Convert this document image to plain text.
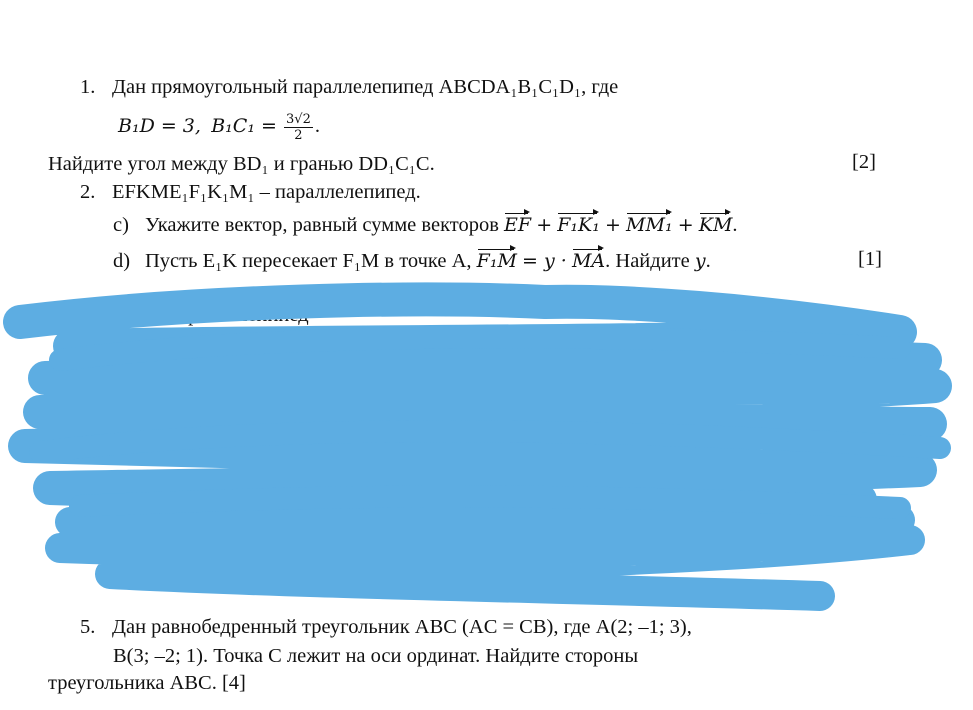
1. Дан прямоугольный параллелепипед ABCDA₁B₁C₁D₁, где
B₁D = 3, $B_1C_1 = \frac{3√2}{2}$ .
Найдите угол между BD₁ и гранью DD₁C₁C.	[2]
2. EFKME₁F₁K₁M₁ – параллелепипед.
c) Укажите вектор, равный сумме векторов EF + F₁K₁ + MM₁ + KM.
d) Пусть E₁K пересекает F₁M в точке A, F₁M = y · MA. Найдите y.	[1]
параллелепипед
енно. Запишите
ые
али
середи вектора
5. Дан равнобедренный треугольник ABC (AC = CB), где A(2; –1; 3),
B(3; –2; 1). Точка C лежит на оси ординат. Найдите стороны
треугольника ABC. [4]
